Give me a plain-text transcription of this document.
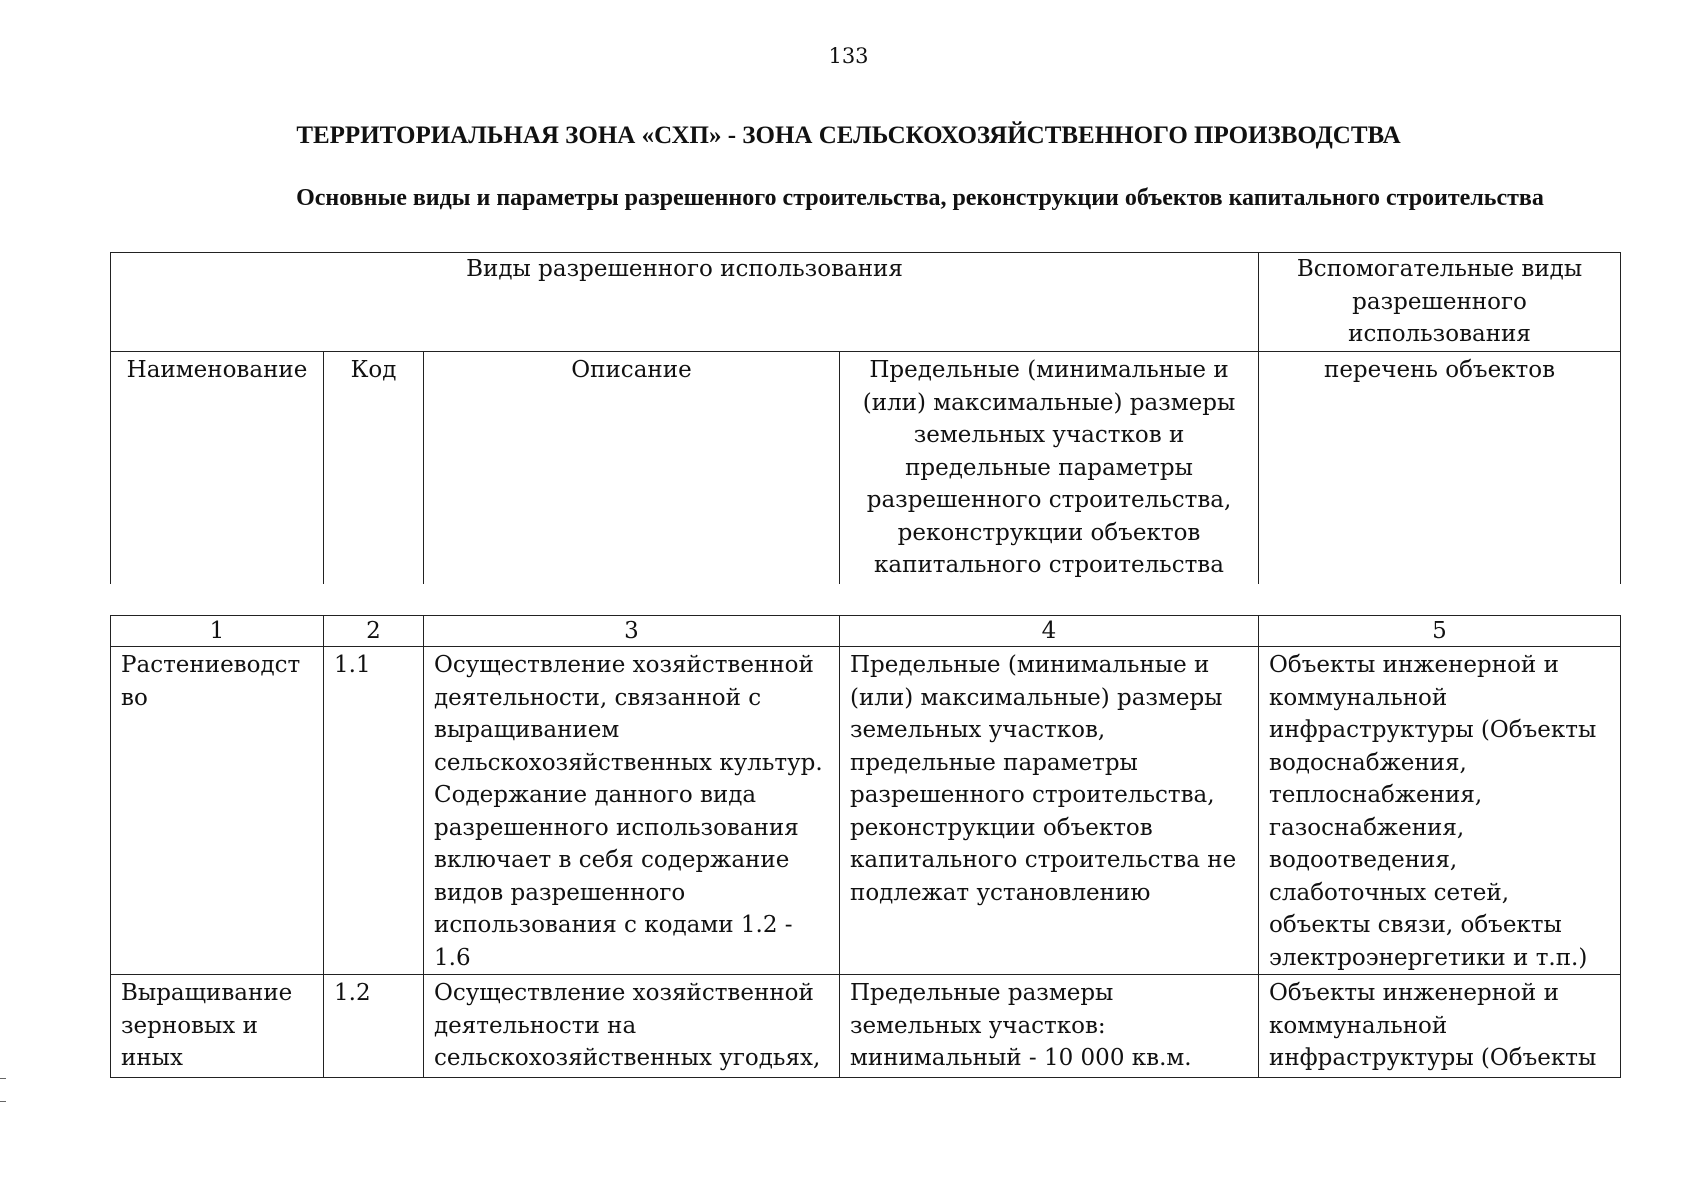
133
ТЕРРИТОРИАЛЬНАЯ ЗОНА «СХП» - ЗОНА СЕЛЬСКОХОЗЯЙСТВЕННОГО ПРОИЗВОДСТВА
Основные виды и параметры разрешенного строительства, реконструкции объектов капитального строительства
Виды разрешенного использования				Вспомогательные виды разрешенного использования
Наименование	Код	Описание	Предельные (минимальные и (или) максимальные) размеры земельных участков и предельные параметры разрешенного строительства, реконструкции объектов капитального строительства	перечень объектов
1	2	3	4	5
Растениеводст во	1.1	Осуществление хозяйственной деятельности, связанной с выращиванием сельскохозяйственных культур. Содержание данного вида разрешенного использования включает в себя содержание видов разрешенного использования с кодами 1.2 - 1.6	Предельные (минимальные и (или) максимальные) размеры земельных участков, предельные параметры разрешенного строительства, реконструкции объектов капитального строительства не подлежат установлению	Объекты инженерной и коммунальной инфраструктуры (Объекты водоснабжения, теплоснабжения, газоснабжения, водоотведения, слаботочных сетей, объекты связи, объекты электроэнергетики и т.п.)

Выращивание зерновых и иных	1.2	Осуществление хозяйственной деятельности на сельскохозяйственных угодьях,	Предельные размеры земельных участков: минимальный - 10 000 кв.м.	Объекты инженерной и коммунальной инфраструктуры (Объекты
